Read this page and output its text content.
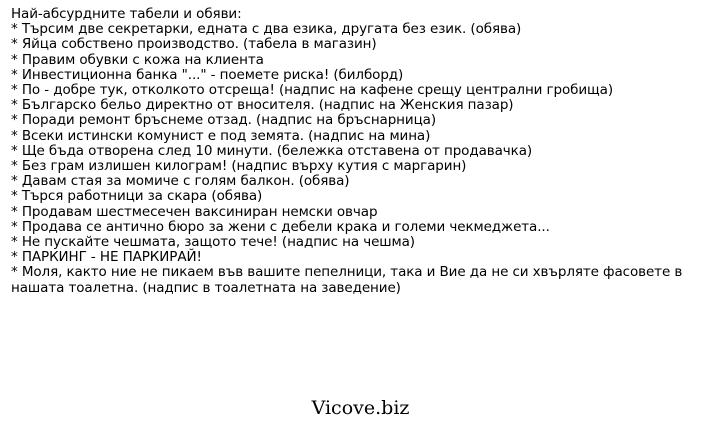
Най-абсурдните табели и обяви:
* Търсим две секретарки, едната с два езика, другата без език. (обява)
* Яйца собствено производство. (табела в магазин)
* Правим обувки с кожа на клиента
* Инвестиционна банка "..." - поемете риска! (билборд)
* По - добре тук, отколкото отсреща! (надпис на кафене срещу централни гробища)
* Българско бельо директно от вносителя. (надпис на Женския пазар)
* Поради ремонт бръснеме отзад. (надпис на бръснарница)
* Всеки истински комунист е под земята. (надпис на мина)
* Ще бъда отворена след 10 минути. (бележка отставена от продавачка)
* Без грам излишен килограм! (надпис върху кутия с маргарин)
* Давам стая за момиче с голям балкон. (обява)
* Търся работници за скара (обява)
* Продавам шестмесечен ваксиниран немски овчар
* Продава се антично бюро за жени с дебели крака и големи чекмеджета...
* Не пускайте чешмата, защото тече! (надпис на чешма)
* ПАРКИНГ - НЕ ПАРКИРАЙ!
* Моля, както ние не пикаем във вашите пепелници, така и Вие да не си хвърляте фасовете в нашата тоалетна. (надпис в тоалетната на заведение)
Vicove.biz
